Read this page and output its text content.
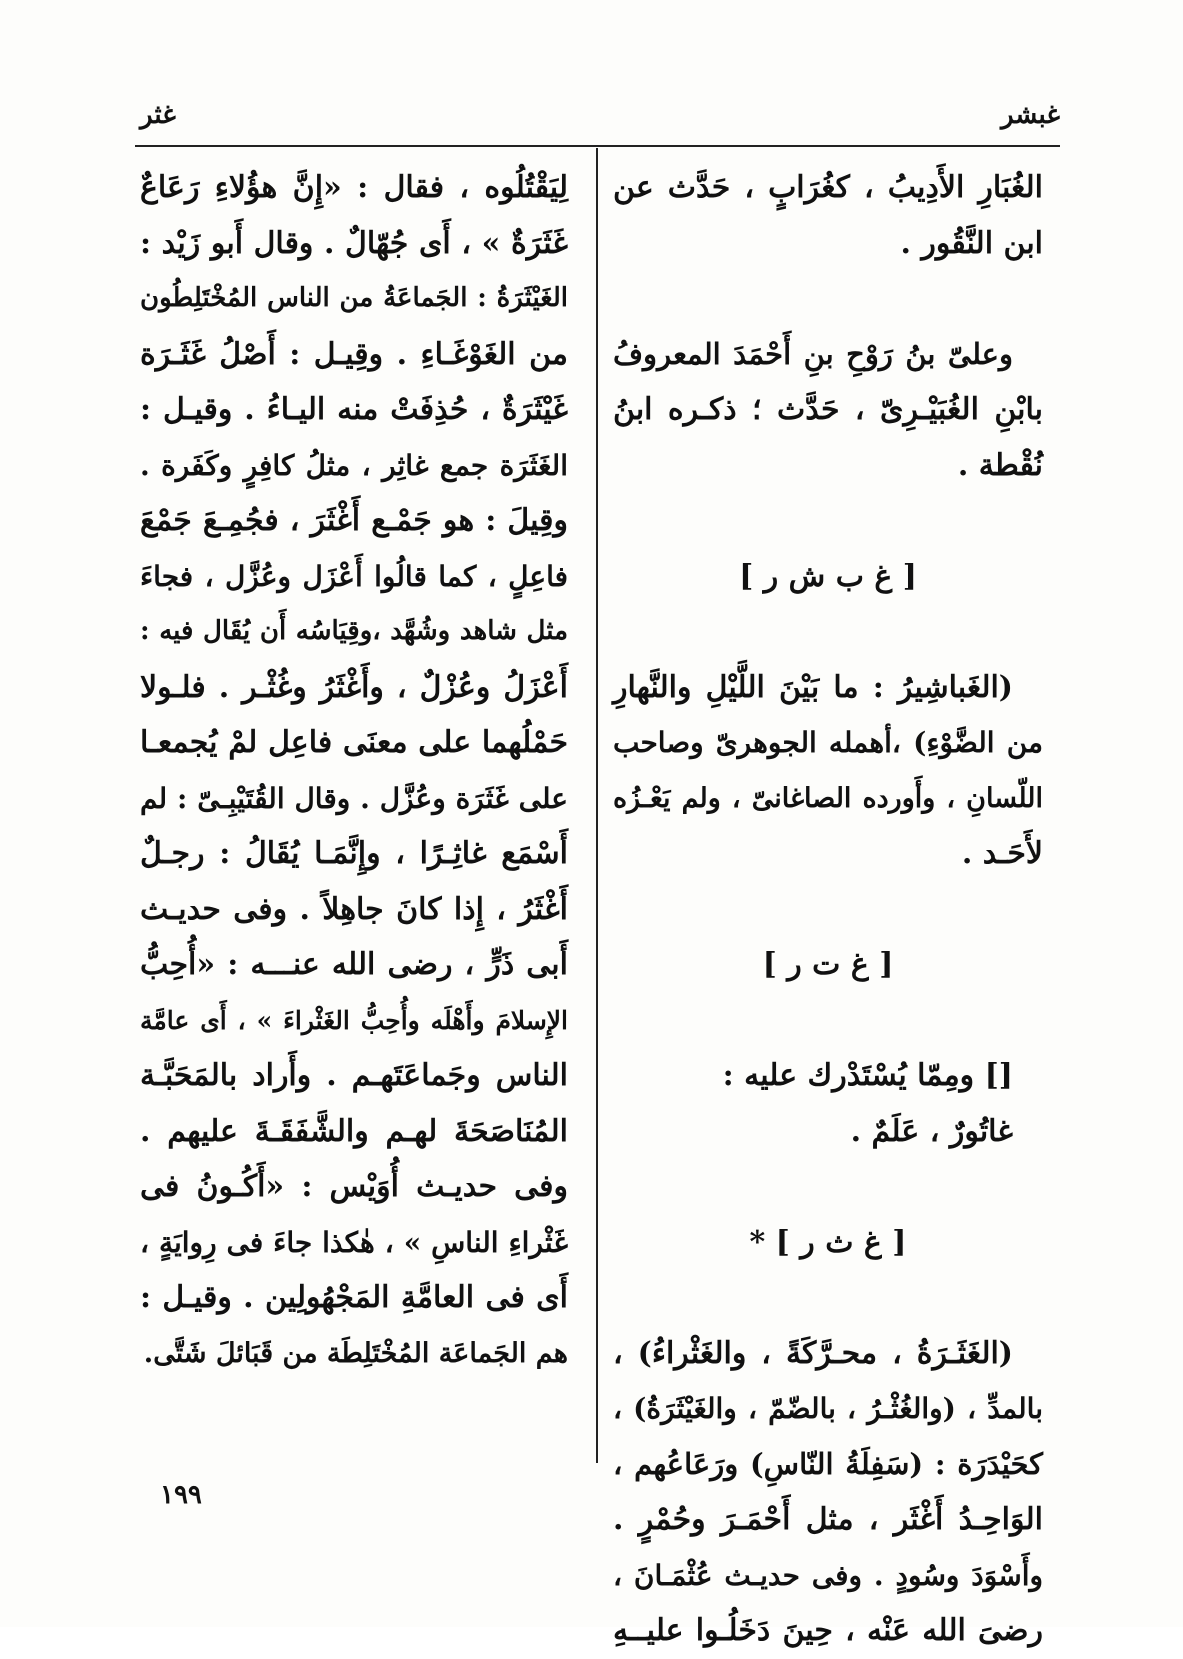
غبشر
غثر
الغُبَارِ الأَدِيبُ ، كغُرَابٍ ، حَدَّث عن
ابن النَّقُور .
وعلىّ بنُ رَوْحِ بنِ أَحْمَدَ المعروفُ
بابْنِ الغُبَيْـرِىّ ، حَدَّث ؛ ذكـره ابنُ
نُقْطة .
[ غ ب ش ر ]
(الغَباشِيرُ : ما بَيْنَ اللَّيْلِ والنَّهارِ
من الضَّوْءِ) ،أهمله الجوهرىّ وصاحب
اللّسانِ ، وأَورده الصاغانىّ ، ولم يَعْـزُه
لأَحَـد .
[ غ ت ر ]
[] ومِمّا يُسْتَدْرك عليه :
غاتُورٌ ، عَلَمٌ .
[ غ ث ر ] *
(الغَثَـرَةُ ، محـرَّكَةً ، والغَثْراءُ) ،
بالمدِّ ، (والغُثْـرُ ، بالضّمّ ، والغَيْثَرَةُ) ،
كحَيْدَرَة : (سَفِلَةُ النّاسِ) ورَعَاعُهم ،
الوَاحِـدُ أَغْثَر ، مثل أَحْمَـرَ وحُمْرٍ .
وأَسْوَدَ وسُودٍ . وفى حديـث عُثْمَـانَ ،
رضىَ الله عَنْه ، حِينَ دَخَلُـوا عليــهِ
لِيَقْتُلُوه ، فقال : «إِنَّ هؤُلاءِ رَعَاعٌ
غَثَرَةٌ » ، أَى جُهّالٌ . وقال أَبو زَيْد :
الغَيْثَرَةُ : الجَماعَةُ من الناس المُخْتَلِطُون
من الغَوْغَـاءِ . وقِيـل : أَصْلُ غَثَـرَة
غَيْثَرَةٌ ، حُذِفَتْ منه اليـاءُ . وقيـل :
الغَثَرَة جمع غاثِر ، مثلُ كافِرٍ وكَفَرة .
وقِيلَ : هو جَمْـع أَغْثَرَ ، فجُمِـعَ جَمْعَ
فاعِلٍ ، كما قالُوا أَعْزَل وعُزَّل ، فجاءَ
مثل شاهد وشُهَّد ،وقِيَاسُه أَن يُقَال فيه :
أَعْزَلُ وعُزْلٌ ، وأَغْثَرُ وغُثْـر . فلـولا
حَمْلُهما على معنَى فاعِل لمْ يُجمعـا
على غَثَرَة وعُزَّل . وقال القُتَيْبِـىّ : لم
أَسْمَع غاثِـرًا ، وإِنَّمَـا يُقَالُ : رجـلٌ
أَغْثَرُ ، إِذا كانَ جاهِلاً . وفى حديـث
أَبى ذَرٍّ ، رضى الله عنـــه : «أُحِبُّ
الإِسلامَ وأَهْلَه وأُحِبُّ الغَثْراءَ » ، أَى عامَّة
الناس وجَماعَتَهـم . وأَراد بالمَحَبَّـة
المُنَاصَحَةَ لهـم والشَّفَقَـةَ عليهم .
وفى حديـث أُوَيْس : «أَكُـونُ فى
غَثْراءِ الناسِ » ، هٰكذا جاءَ فى رِوايَةٍ ،
أَى فى العامَّةِ المَجْهُولِين . وقيـل :
هم الجَماعَة المُخْتَلِطَة من قَبَائلَ شَتَّى.
١٩٩
